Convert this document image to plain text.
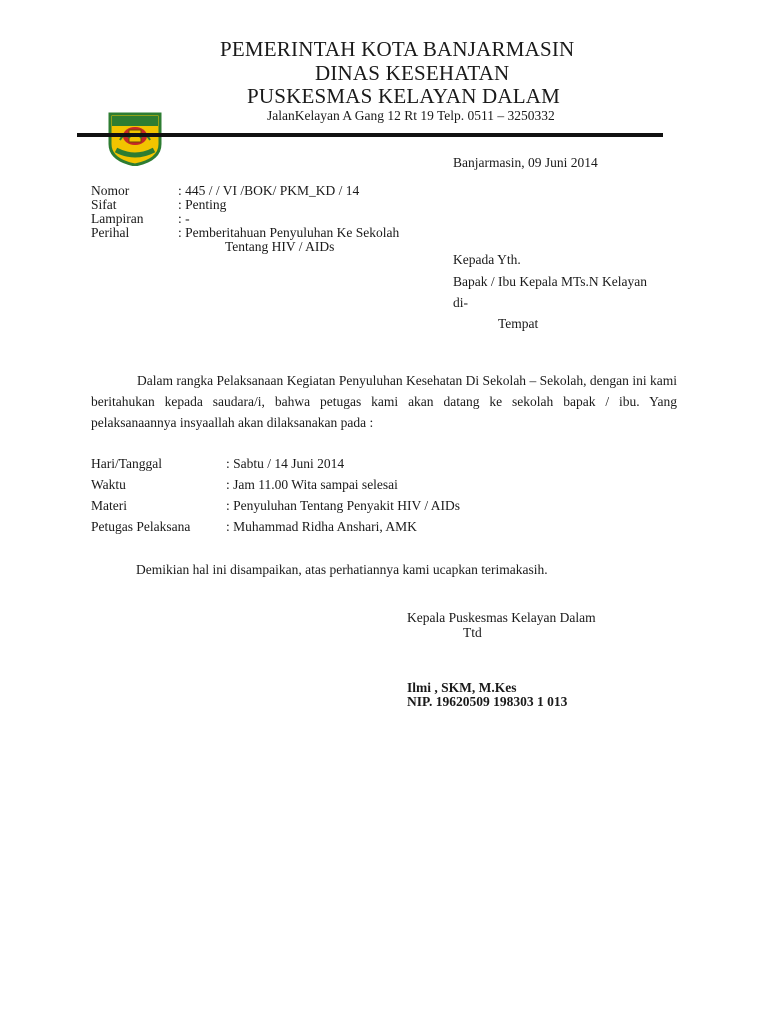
PEMERINTAH KOTA BANJARMASIN
DINAS KESEHATAN
PUSKESMAS KELAYAN DALAM
JalanKelayan A Gang 12 Rt 19 Telp. 0511 – 3250332
Banjarmasin, 09 Juni 2014
Nomor	: 445 / / VI /BOK/ PKM_KD / 14
Sifat	: Penting
Lampiran	: -
Perihal	: Pemberitahuan Penyuluhan Ke Sekolah
Tentang HIV / AIDs
Kepada Yth.
Bapak / Ibu Kepala MTs.N Kelayan
di-
Tempat
Dalam rangka Pelaksanaan Kegiatan Penyuluhan Kesehatan Di Sekolah – Sekolah, dengan ini kami beritahukan kepada saudara/i, bahwa petugas kami akan datang ke sekolah bapak / ibu. Yang pelaksanaannya insyaallah akan dilaksanakan pada :
Hari/Tanggal	: Sabtu / 14 Juni 2014
Waktu	: Jam 11.00 Wita sampai selesai
Materi	: Penyuluhan Tentang Penyakit HIV / AIDs
Petugas Pelaksana	: Muhammad Ridha Anshari, AMK
Demikian hal ini disampaikan, atas perhatiannya kami ucapkan terimakasih.
Kepala Puskesmas Kelayan Dalam
Ttd
Ilmi , SKM, M.Kes
NIP. 19620509 198303 1 013
